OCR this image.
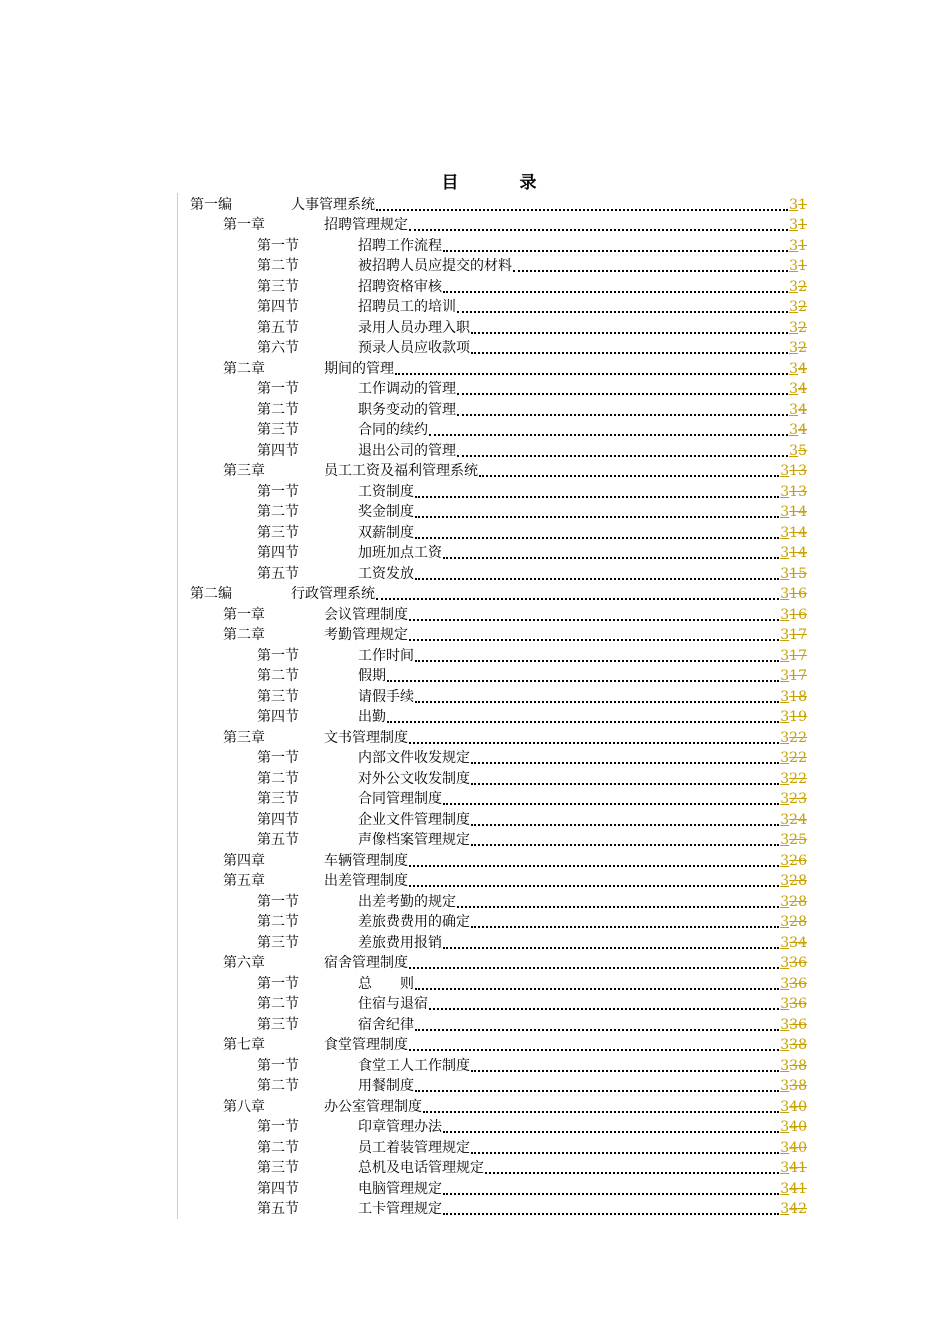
目　录
第一编	人事管理系统	31
第一章	招聘管理规定	31
第一节	招聘工作流程	31
第二节	被招聘人员应提交的材料	31
第三节	招聘资格审核	32
第四节	招聘员工的培训	32
第五节	录用人员办理入职	32
第六节	预录人员应收款项	32
第二章	期间的管理	34
第一节	工作调动的管理	34
第二节	职务变动的管理	34
第三节	合同的续约	34
第四节	退出公司的管理	35
第三章	员工工资及福利管理系统	313
第一节	工资制度	313
第二节	奖金制度	314
第三节	双薪制度	314
第四节	加班加点工资	314
第五节	工资发放	315
第二编	行政管理系统	316
第一章	会议管理制度	316
第二章	考勤管理规定	317
第一节	工作时间	317
第二节	假期	317
第三节	请假手续	318
第四节	出勤	319
第三章	文书管理制度	322
第一节	内部文件收发规定	322
第二节	对外公文收发制度	322
第三节	合同管理制度	323
第四节	企业文件管理制度	324
第五节	声像档案管理规定	325
第四章	车辆管理制度	326
第五章	出差管理制度	328
第一节	出差考勤的规定	328
第二节	差旅费费用的确定	328
第三节	差旅费用报销	334
第六章	宿舍管理制度	336
第一节	总　　则	336
第二节	住宿与退宿	336
第三节	宿舍纪律	336
第七章	食堂管理制度	338
第一节	食堂工人工作制度	338
第二节	用餐制度	338
第八章	办公室管理制度	340
第一节	印章管理办法	340
第二节	员工着装管理规定	340
第三节	总机及电话管理规定	341
第四节	电脑管理规定	341
第五节	工卡管理规定	342
